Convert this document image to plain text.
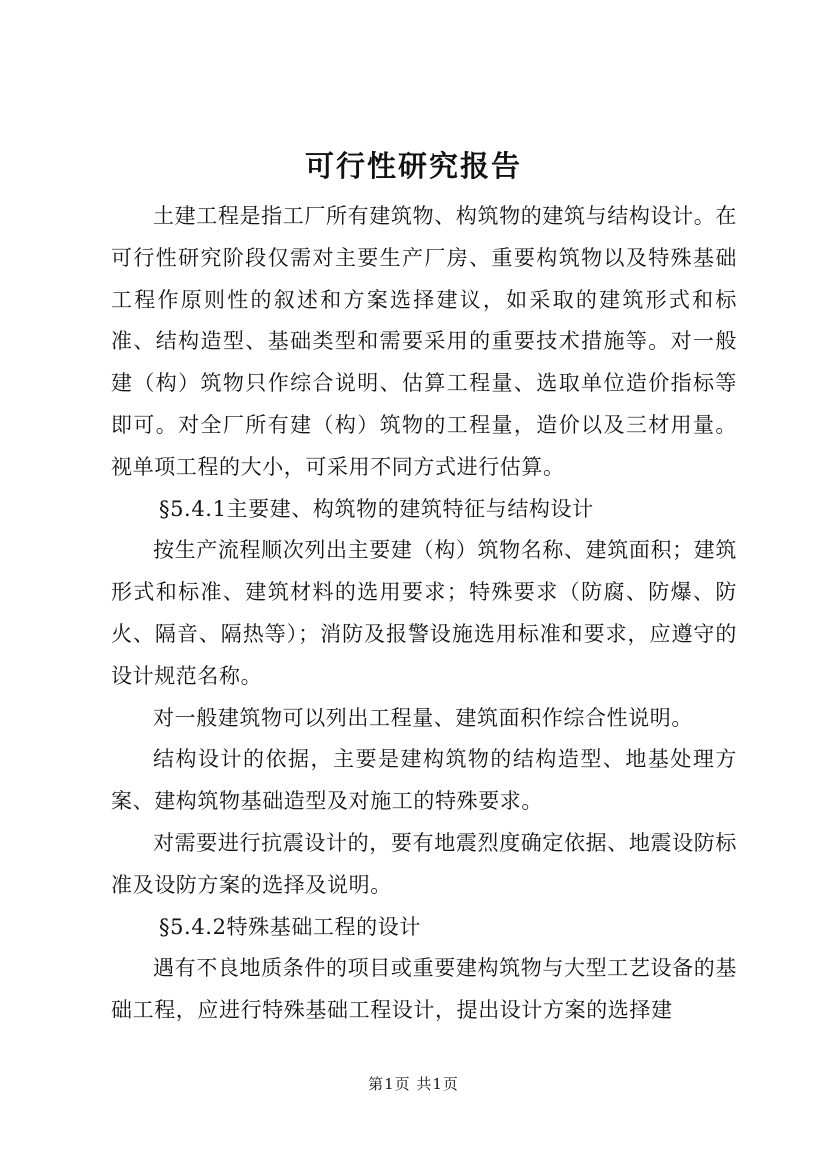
可行性研究报告

土建工程是指工厂所有建筑物、构筑物的建筑与结构设计。在可行性研究阶段仅需对主要生产厂房、重要构筑物以及特殊基础工程作原则性的叙述和方案选择建议，如采取的建筑形式和标准、结构造型、基础类型和需要采用的重要技术措施等。对一般建（构）筑物只作综合说明、估算工程量、选取单位造价指标等即可。对全厂所有建（构）筑物的工程量，造价以及三材用量。视单项工程的大小，可采用不同方式进行估算。

§5.4.1主要建、构筑物的建筑特征与结构设计

按生产流程顺次列出主要建（构）筑物名称、建筑面积；建筑形式和标准、建筑材料的选用要求；特殊要求（防腐、防爆、防火、隔音、隔热等）；消防及报警设施选用标准和要求，应遵守的设计规范名称。

对一般建筑物可以列出工程量、建筑面积作综合性说明。

结构设计的依据，主要是建构筑物的结构造型、地基处理方案、建构筑物基础造型及对施工的特殊要求。

对需要进行抗震设计的，要有地震烈度确定依据、地震设防标准及设防方案的选择及说明。

§5.4.2特殊基础工程的设计

遇有不良地质条件的项目或重要建构筑物与大型工艺设备的基础工程，应进行特殊基础工程设计，提出设计方案的选择建

第1页 共1页
